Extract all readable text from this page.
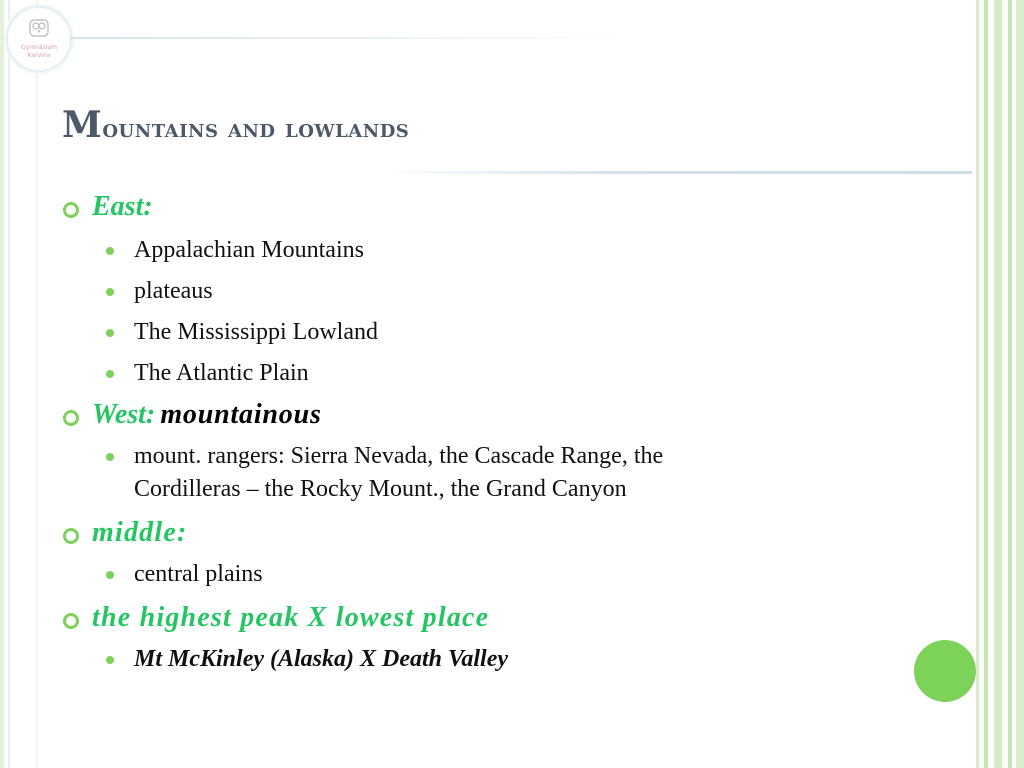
Gymnázium
Karvina
Mountains and lowlands
East:
Appalachian Mountains
plateaus
The Mississippi Lowland
The Atlantic Plain
West: mountainous
mount. rangers: Sierra Nevada, the Cascade Range, the
Cordilleras – the Rocky Mount., the Grand Canyon
middle:
central plains
the highest peak X lowest place
Mt McKinley (Alaska) X Death Valley
